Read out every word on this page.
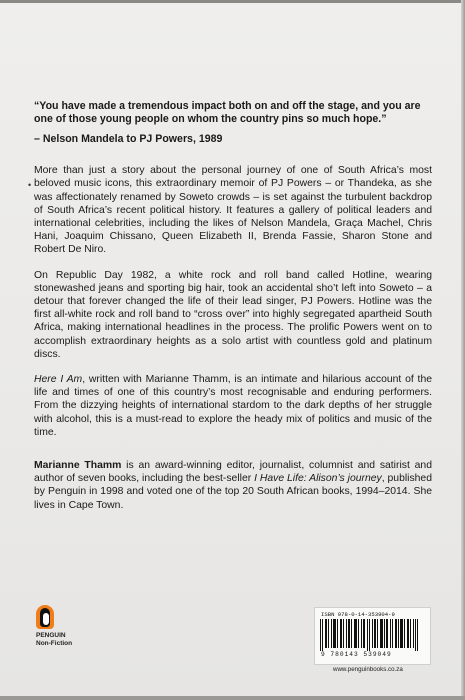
“You have made a tremendous impact both on and off the stage, and you are one of those young people on whom the country pins so much hope.”

– Nelson Mandela to PJ Powers, 1989

•

More than just a story about the personal journey of one of South Africa’s most beloved music icons, this extraordinary memoir of PJ Powers – or Thandeka, as she was affectionately renamed by Soweto crowds – is set against the turbulent backdrop of South Africa’s recent political history. It features a gallery of political leaders and international celebrities, including the likes of Nelson Mandela, Graça Machel, Chris Hani, Joaquim Chissano, Queen Elizabeth II, Brenda Fassie, Sharon Stone and Robert De Niro.

On Republic Day 1982, a white rock and roll band called Hotline, wearing stonewashed jeans and sporting big hair, took an accidental sho’t left into Soweto – a detour that forever changed the life of their lead singer, PJ Powers. Hotline was the first all-white rock and roll band to “cross over” into highly segregated apartheid South Africa, making international headlines in the process. The prolific Powers went on to accomplish extraordinary heights as a solo artist with countless gold and platinum discs.

Here I Am, written with Marianne Thamm, is an intimate and hilarious account of the life and times of one of this country’s most recognisable and enduring performers. From the dizzying heights of international stardom to the dark depths of her struggle with alcohol, this is a must-read to explore the heady mix of politics and music of the time.

Marianne Thamm is an award-winning editor, journalist, columnist and satirist and author of seven books, including the best-seller I Have Life: Alison’s journey, published by Penguin in 1998 and voted one of the top 20 South African books, 1994–2014. She lives in Cape Town.

PENGUIN
Non-Fiction
ISBN 978-0-14-353904-9
9 780143 539049
www.penguinbooks.co.za
